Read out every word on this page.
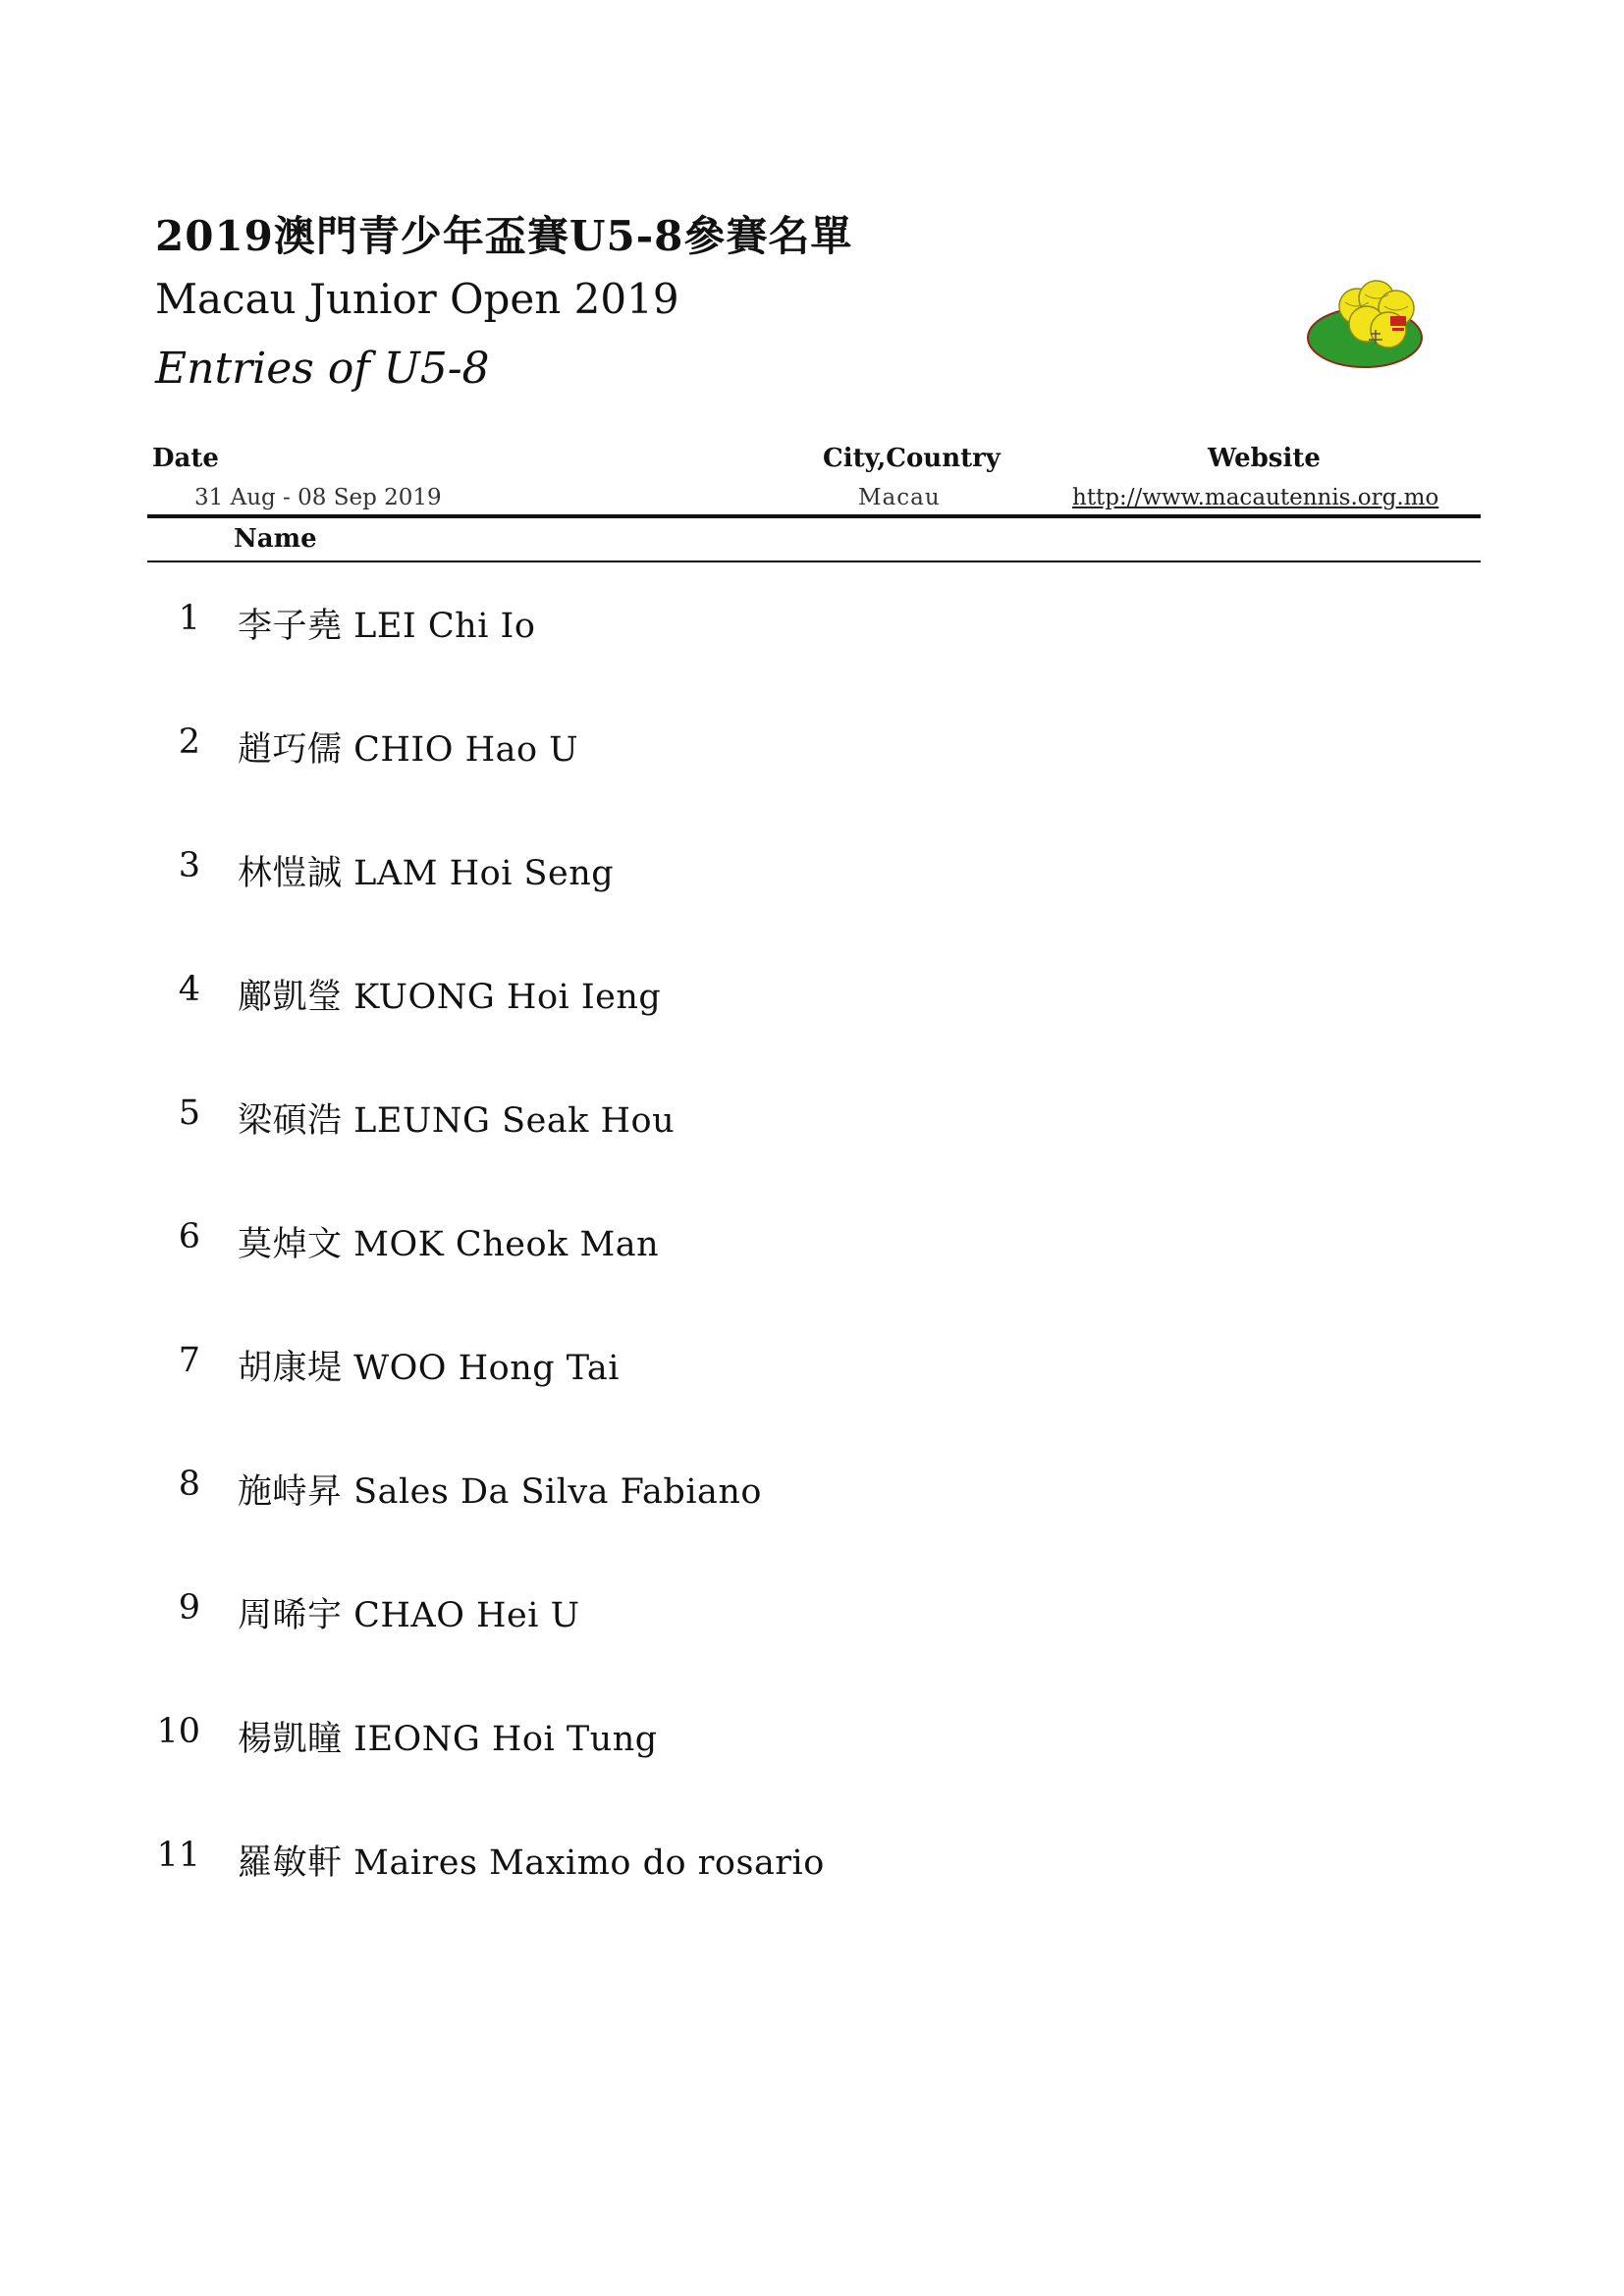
2019澳門青少年盃賽U5-8參賽名單
Macau Junior Open 2019
Entries of U5-8
Date	City,Country	Website
31 Aug - 08 Sep 2019	Macau	http://www.macautennis.org.mo
Name
1 李子堯 LEI Chi Io
2 趙巧儒 CHIO Hao U
3 林愷誠 LAM Hoi Seng
4 鄺凱瑩 KUONG Hoi Ieng
5 梁碩浩 LEUNG Seak Hou
6 莫焯文 MOK Cheok Man
7 胡康堤 WOO Hong Tai
8 施峙昇 Sales Da Silva Fabiano
9 周晞宇 CHAO Hei U
10 楊凱瞳 IEONG Hoi Tung
11 羅敏軒 Maires Maximo do rosario
